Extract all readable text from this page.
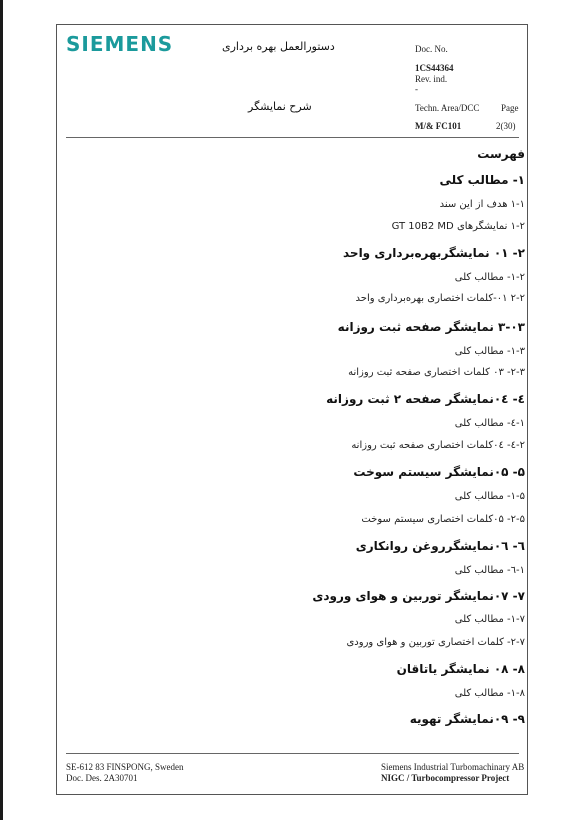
SIEMENS	دستورالعمل بهره برداری
شرح نمایشگر
Doc. No.
1CS44364
Rev. ind.
-
Techn. Area/DCC Page
M/& FC101	2(30)
فهرست
۱- مطالب کلی
۱-۱ هدف از این سند
۱-۲ نمایشگرهای GT 10B2 MD
۲- ۰۱ نمایشگربهره‌برداری واحد
۱-۲- مطالب کلی
۲-۲ ۰۱-کلمات اختصاری بهره‌برداری واحد
۳-۰۳ نمایشگر صفحه ثبت روزانه
۱-۳- مطالب کلی
۲-۳- ۰۳ کلمات اختصاری صفحه ثبت روزانه
٤- ۰٤نمایشگر صفحه ۲ ثبت روزانه
۱-٤- مطالب کلی
۲-٤- ۰٤کلمات اختصاری صفحه ثبت روزانه
۵- ۰۵نمایشگر سیستم سوخت
۱-۵- مطالب کلی
۲-۵- ۰۵کلمات اختصاری سیستم سوخت
٦- ۰٦نمایشگرروغن روانکاری
۱-٦- مطالب کلی
۷- ۰۷نمایشگر توربین و هوای ورودی
۱-۷- مطالب کلی
۲-۷- کلمات اختصاری توربین و هوای ورودی
۸- ۰۸ نمایشگر یاتاقان
۱-۸- مطالب کلی
۹- ۰۹نمایشگر تهویه
SE-612 83 FINSPONG, Sweden
Doc. Des. 2A30701
Siemens Industrial Turbomachinary AB
NIGC / Turbocompressor Project
